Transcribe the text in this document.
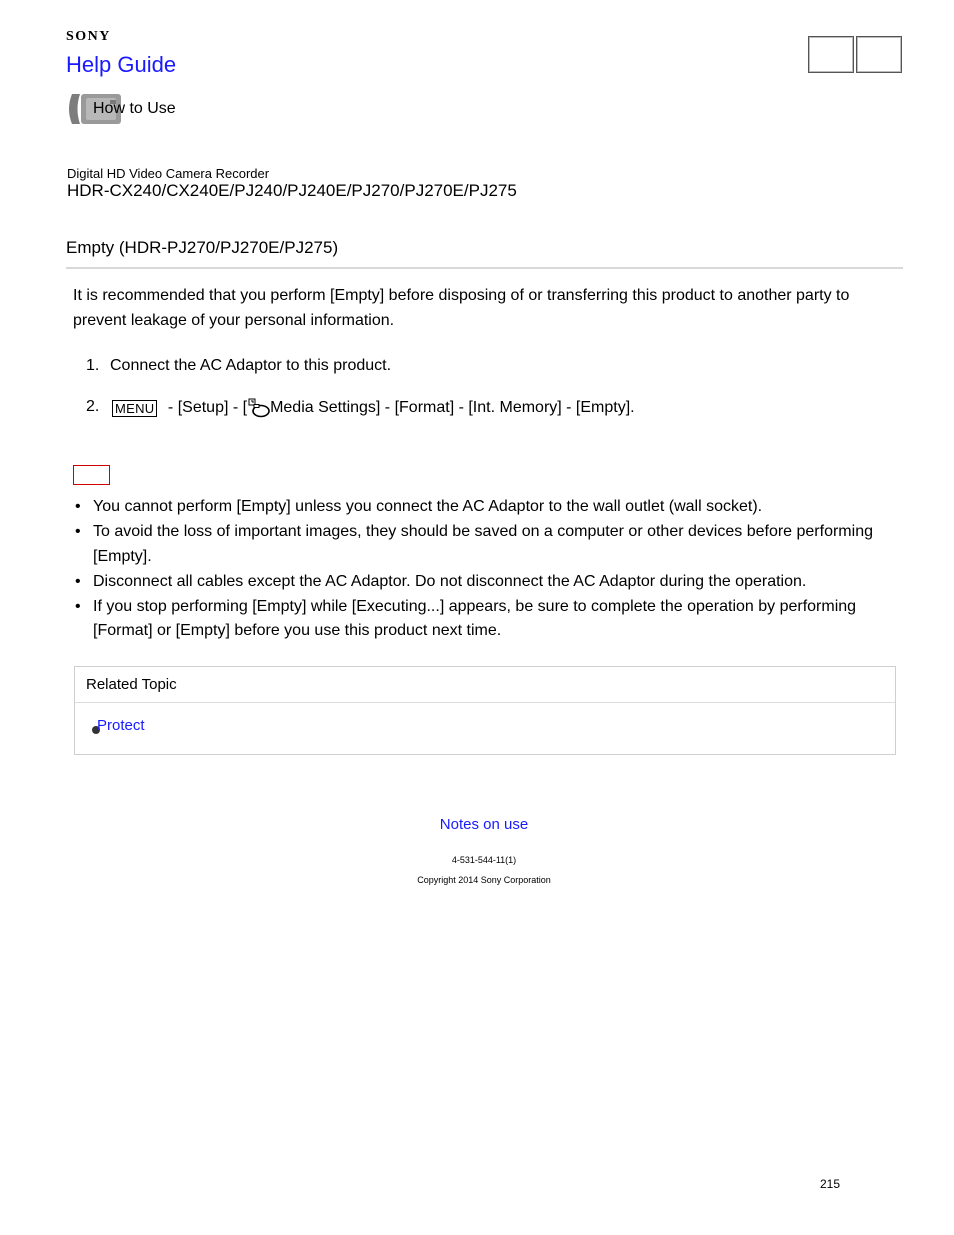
SONY
Help Guide
How to Use
Digital HD Video Camera Recorder
HDR-CX240/CX240E/PJ240/PJ240E/PJ270/PJ270E/PJ275
Empty (HDR-PJ270/PJ270E/PJ275)
It is recommended that you perform [Empty] before disposing of or transferring this product to another party to prevent leakage of your personal information.
1. Connect the AC Adaptor to this product.
2. MENU - [Setup] - [ Media Settings] - [Format] - [Int. Memory] - [Empty].
• You cannot perform [Empty] unless you connect the AC Adaptor to the wall outlet (wall socket).
• To avoid the loss of important images, they should be saved on a computer or other devices before performing [Empty].
• Disconnect all cables except the AC Adaptor. Do not disconnect the AC Adaptor during the operation.
• If you stop performing [Empty] while [Executing...] appears, be sure to complete the operation by performing [Format] or [Empty] before you use this product next time.
Related Topic
Protect
Notes on use
4-531-544-11(1)
Copyright 2014 Sony Corporation
215
